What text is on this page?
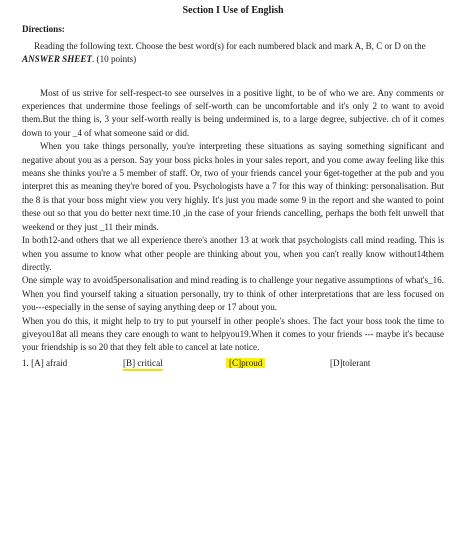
Section I Use of English
Directions:
Reading the following text. Choose the best word(s) for each numbered black and mark A, B, C or D on the ANSWER SHEET. (10 points)
Most of us strive for self-respect-to see ourselves in a positive light, to be of who we are. Any comments or experiences that undermine those feelings of self-worth can be uncomfortable and it's only 2 to want to avoid them.But the thing is, 3 your self-worth really is being undermined is, to a large degree, subjective. ch of it comes down to your _4 of what someone said or did.
When you take things personally, you're interpreting these situations as saying something significant and negative about you as a person. Say your boss picks holes in your sales report, and you come away feeling like this means she thinks you're a 5 member of staff. Or, two of your friends cancel your 6get-together at the pub and you interpret this as meaning they're bored of you. Psychologists have a 7 for this way of thinking: personalisation. But the 8 is that your boss might view you very highly. It's just you made some 9 in the report and she wanted to point these out so that you do better next time.10 ,in the case of your friends cancelling, perhaps the both felt unwell that weekend or they just _11 their minds.
In both12-and others that we all experience there's another 13 at work that psychologists call mind reading. This is when you assume to know what other people are thinking about you, when you can't really know without14them directly.
One simple way to avoid5personalisation and mind reading is to challenge your negative assumptions of what's_16. When you find yourself taking a situation personally, try to think of other interpretations that are less focused on you---especially in the sense of saying anything deep or 17 about you.
When you do this, it might help to try to put yourself in other people's shoes. The fact your boss took the time to giveyou18at all means they care enough to want to helpyou19.When it comes to your friends --- maybe it's because your friendship is so 20 that they felt able to cancel at late notice.
1. [A] afraid	[B] critical	[C]proud	[D]tolerant
